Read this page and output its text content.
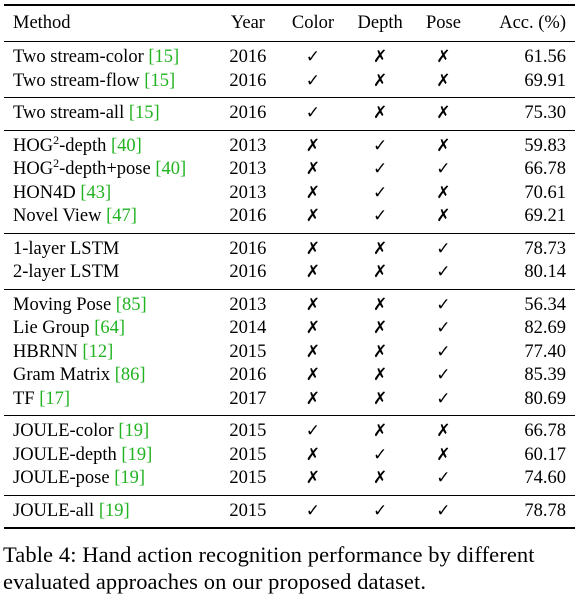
Method	Year	Color	Depth	Pose	Acc. (%)
Two stream-color [15]	2016	✓	✗	✗	61.56
Two stream-flow [15]	2016	✓	✗	✗	69.91
Two stream-all [15]	2016	✓	✗	✗	75.30
HOG$^2$-depth [40]	2013	✗	✓	✗	59.83
$HOG^2-depth+pose$ [40]	2013	✗	✓	✓	66.78
HON4D [43]	2013	✗	✓	✗	70.61
Novel View [47]	2016	✗	✓	✗	69.21
1-layer LSTM	2016	✗	✗	✓	78.73
2-layer LSTM	2016	✗	✗	✓	80.14
Moving Pose [85]	2013	✗	✗	✓	56.34
Lie Group [64]	2014	✗	✗	✓	82.69
HBRNN [12]	2015	✗	✗	✓	77.40
Gram Matrix [86]	2016	✗	✗	✓	85.39
TF [17]	2017	✗	✗	✓	80.69
JOULE-color [19]	2015	✓	✗	✗	66.78
JOULE-depth [19]	2015	✗	✓	✗	60.17
JOULE-pose [19]	2015	✗	✗	✓	74.60
JOULE-all [19]	2015	✓	✓	✓	78.78
Table 4: Hand action recognition performance by different evaluated approaches on our proposed dataset.
